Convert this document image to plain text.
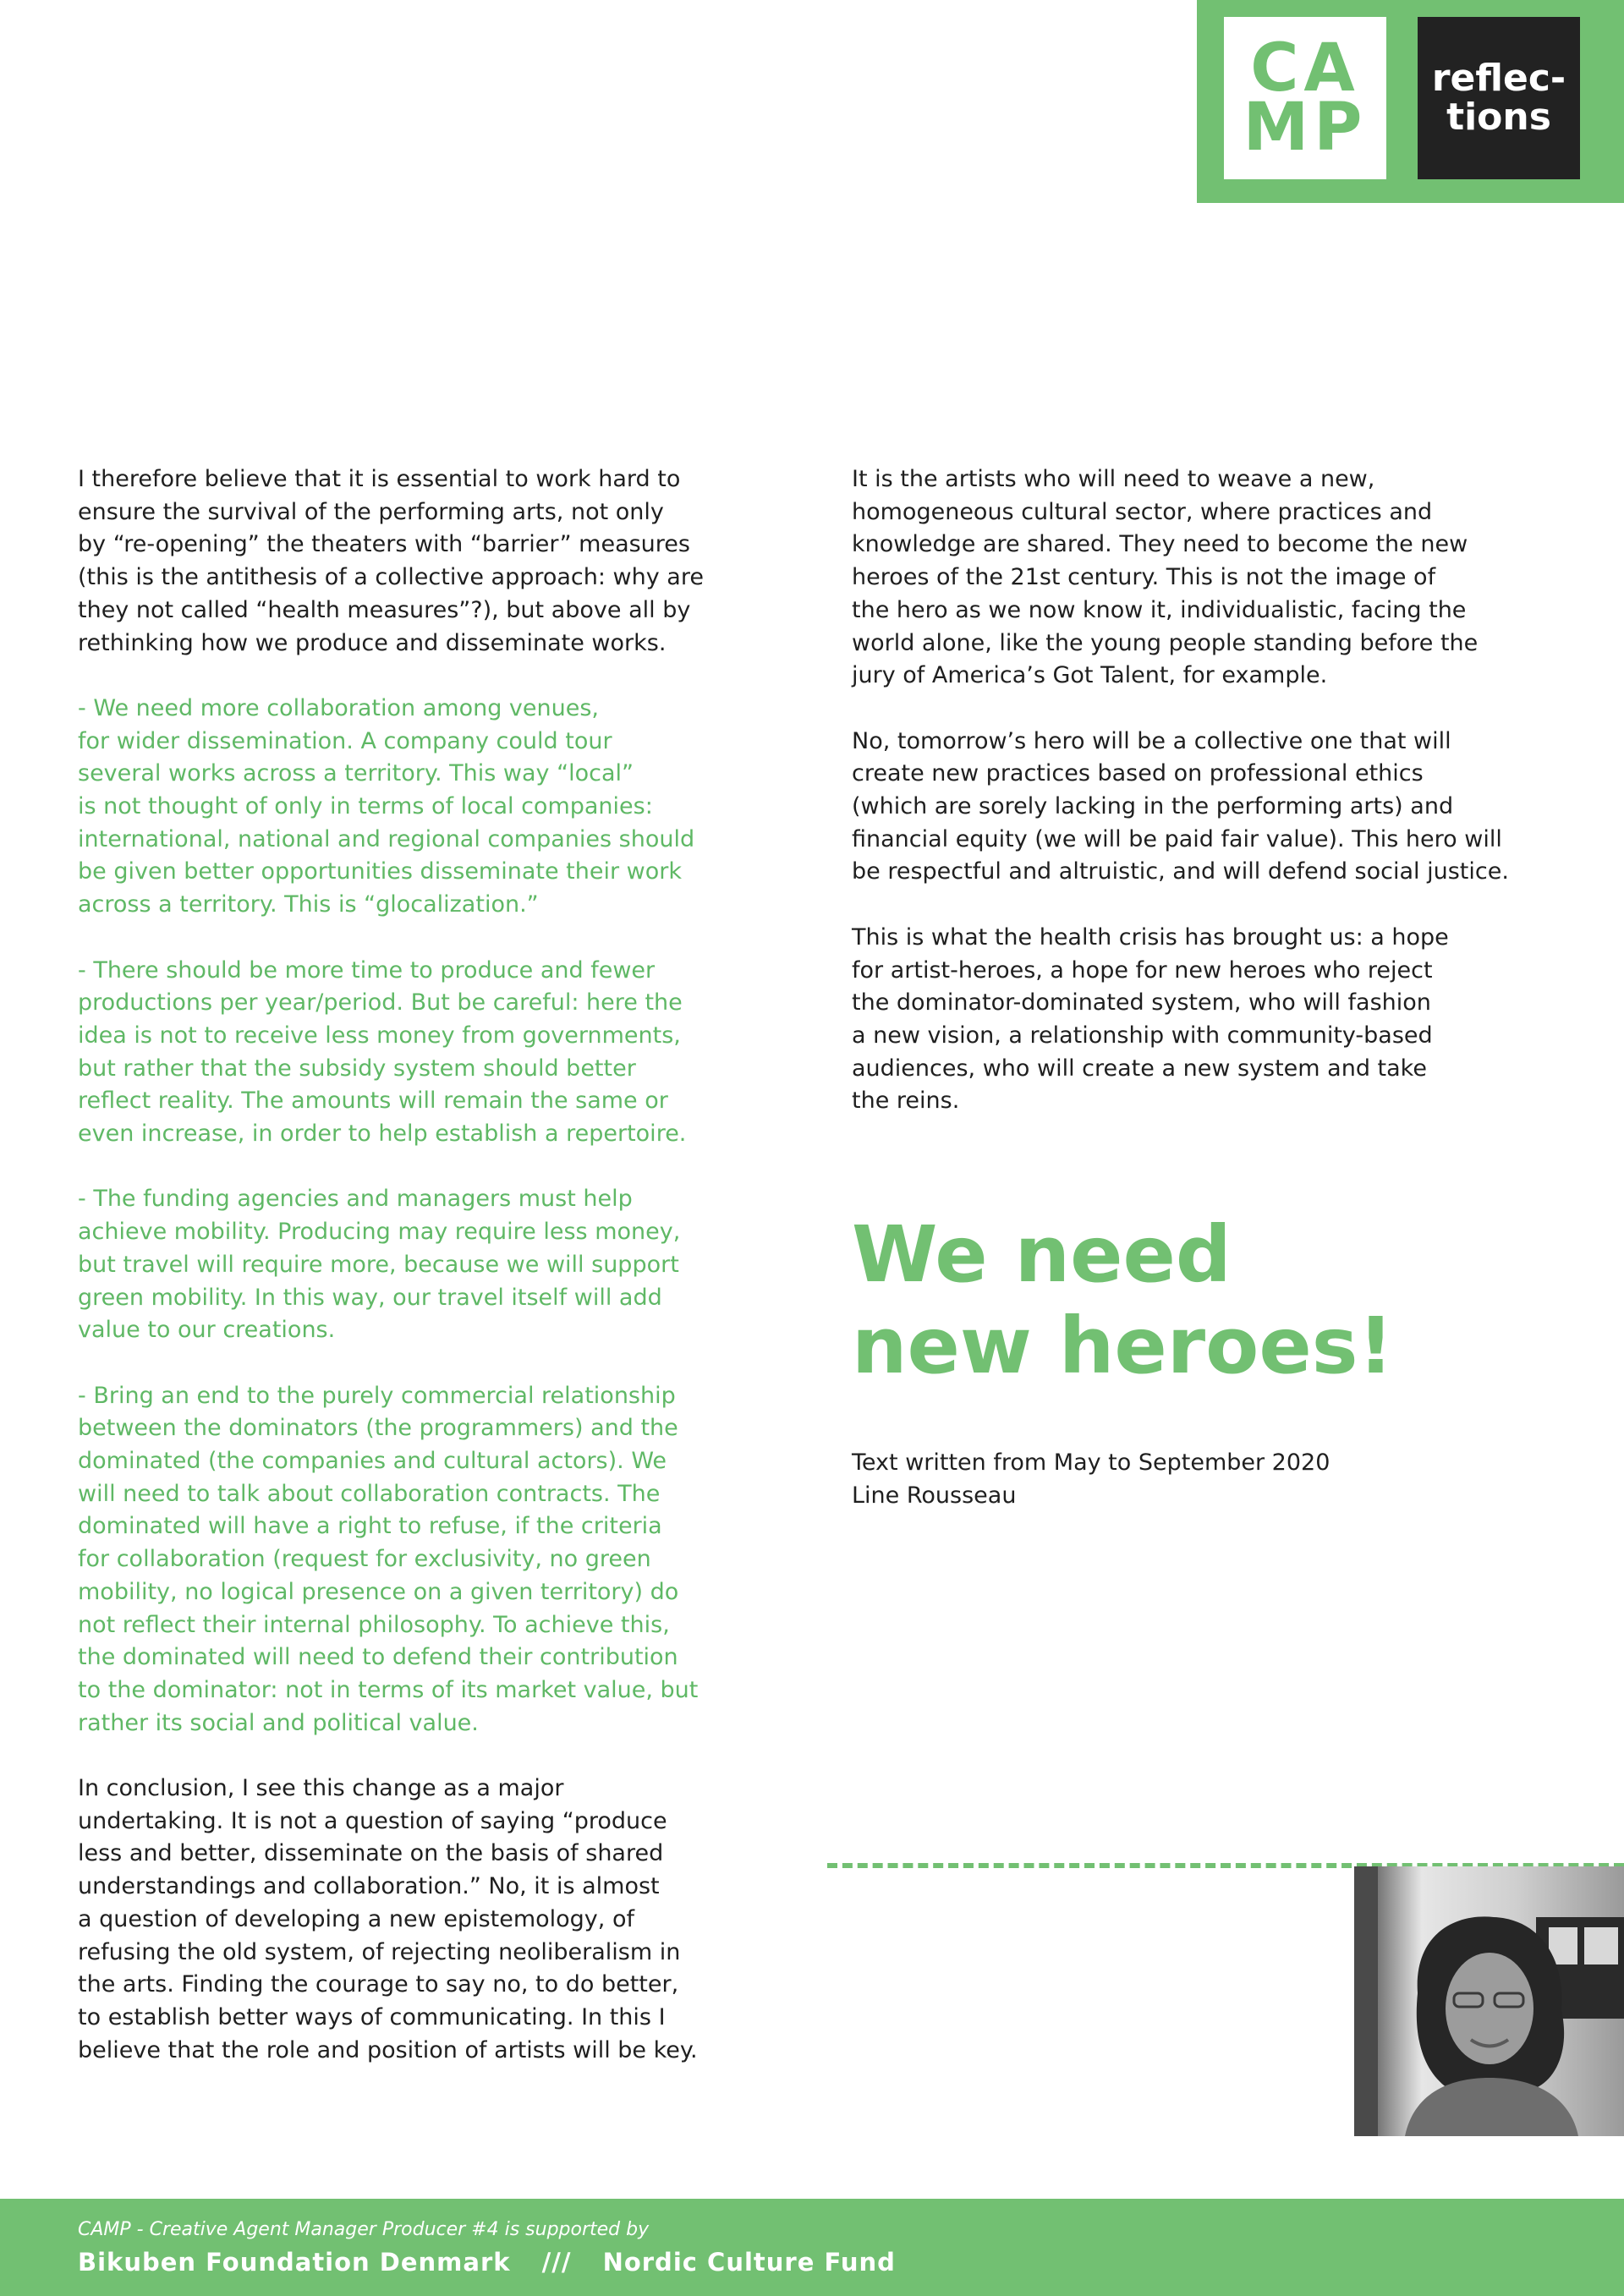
CA
MP
reflec-
tions

I therefore believe that it is essential to work hard to
ensure the survival of the performing arts, not only
by “re-opening” the theaters with “barrier” measures
(this is the antithesis of a collective approach: why are
they not called “health measures”?), but above all by
rethinking how we produce and disseminate works.

- We need more collaboration among venues,
for wider dissemination. A company could tour
several works across a territory. This way “local”
is not thought of only in terms of local companies:
international, national and regional companies should
be given better opportunities disseminate their work
across a territory. This is “glocalization.”

- There should be more time to produce and fewer
productions per year/period. But be careful: here the
idea is not to receive less money from governments,
but rather that the subsidy system should better
reflect reality. The amounts will remain the same or
even increase, in order to help establish a repertoire.

- The funding agencies and managers must help
achieve mobility. Producing may require less money,
but travel will require more, because we will support
green mobility. In this way, our travel itself will add
value to our creations.

- Bring an end to the purely commercial relationship
between the dominators (the programmers) and the
dominated (the companies and cultural actors). We
will need to talk about collaboration contracts. The
dominated will have a right to refuse, if the criteria
for collaboration (request for exclusivity, no green
mobility, no logical presence on a given territory) do
not reflect their internal philosophy. To achieve this,
the dominated will need to defend their contribution
to the dominator: not in terms of its market value, but
rather its social and political value.

In conclusion, I see this change as a major
undertaking. It is not a question of saying “produce
less and better, disseminate on the basis of shared
understandings and collaboration.” No, it is almost
a question of developing a new epistemology, of
refusing the old system, of rejecting neoliberalism in
the arts. Finding the courage to say no, to do better,
to establish better ways of communicating. In this I
believe that the role and position of artists will be key.

It is the artists who will need to weave a new,
homogeneous cultural sector, where practices and
knowledge are shared. They need to become the new
heroes of the 21st century. This is not the image of
the hero as we now know it, individualistic, facing the
world alone, like the young people standing before the
jury of America’s Got Talent, for example.

No, tomorrow’s hero will be a collective one that will
create new practices based on professional ethics
(which are sorely lacking in the performing arts) and
financial equity (we will be paid fair value). This hero will
be respectful and altruistic, and will defend social justice.

This is what the health crisis has brought us: a hope
for artist-heroes, a hope for new heroes who reject
the dominator-dominated system, who will fashion
a new vision, a relationship with community-based
audiences, who will create a new system and take
the reins.

We need
new heroes!
Text written from May to September 2020
Line Rousseau
CAMP - Creative Agent Manager Producer #4 is supported by
Bikuben Foundation Denmark /// Nordic Culture Fund
